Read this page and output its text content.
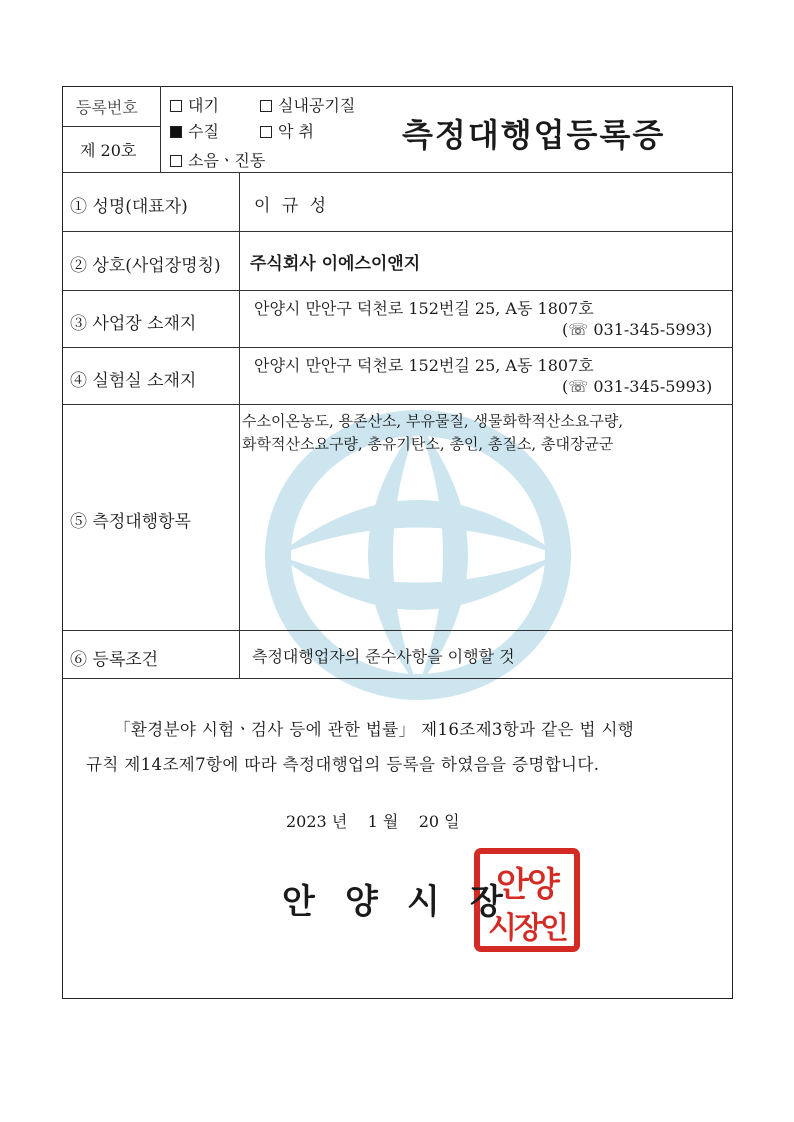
등록번호
제 20호
대기	실내공기질
수질	악 취
소음ㆍ진동
측정대행업등록증
① 성명(대표자)	이 규 성
② 상호(사업장명칭) 주식회사 이에스이앤지
③ 사업장 소재지
안양시 만안구 덕천로 152번길 25, A동 1807호
(☏ 031-345-5993)
④ 실험실 소재지
안양시 만안구 덕천로 152번길 25, A동 1807호
(☏ 031-345-5993)
⑤ 측정대행항목
수소이온농도, 용존산소, 부유물질, 생물화학적산소요구량,
화학적산소요구량, 총유기탄소, 총인, 총질소, 총대장균군
⑥ 등록조건	측정대행업자의 준수사항을 이행할 것
「환경분야 시험ㆍ검사 등에 관한 법률」 제16조제3항과 같은 법 시행
규칙 제14조제7항에 따라 측정대행업의 등록을 하였음을 증명합니다.
2023 년 1 월 20 일
안 양 시 안양
시장인
장
